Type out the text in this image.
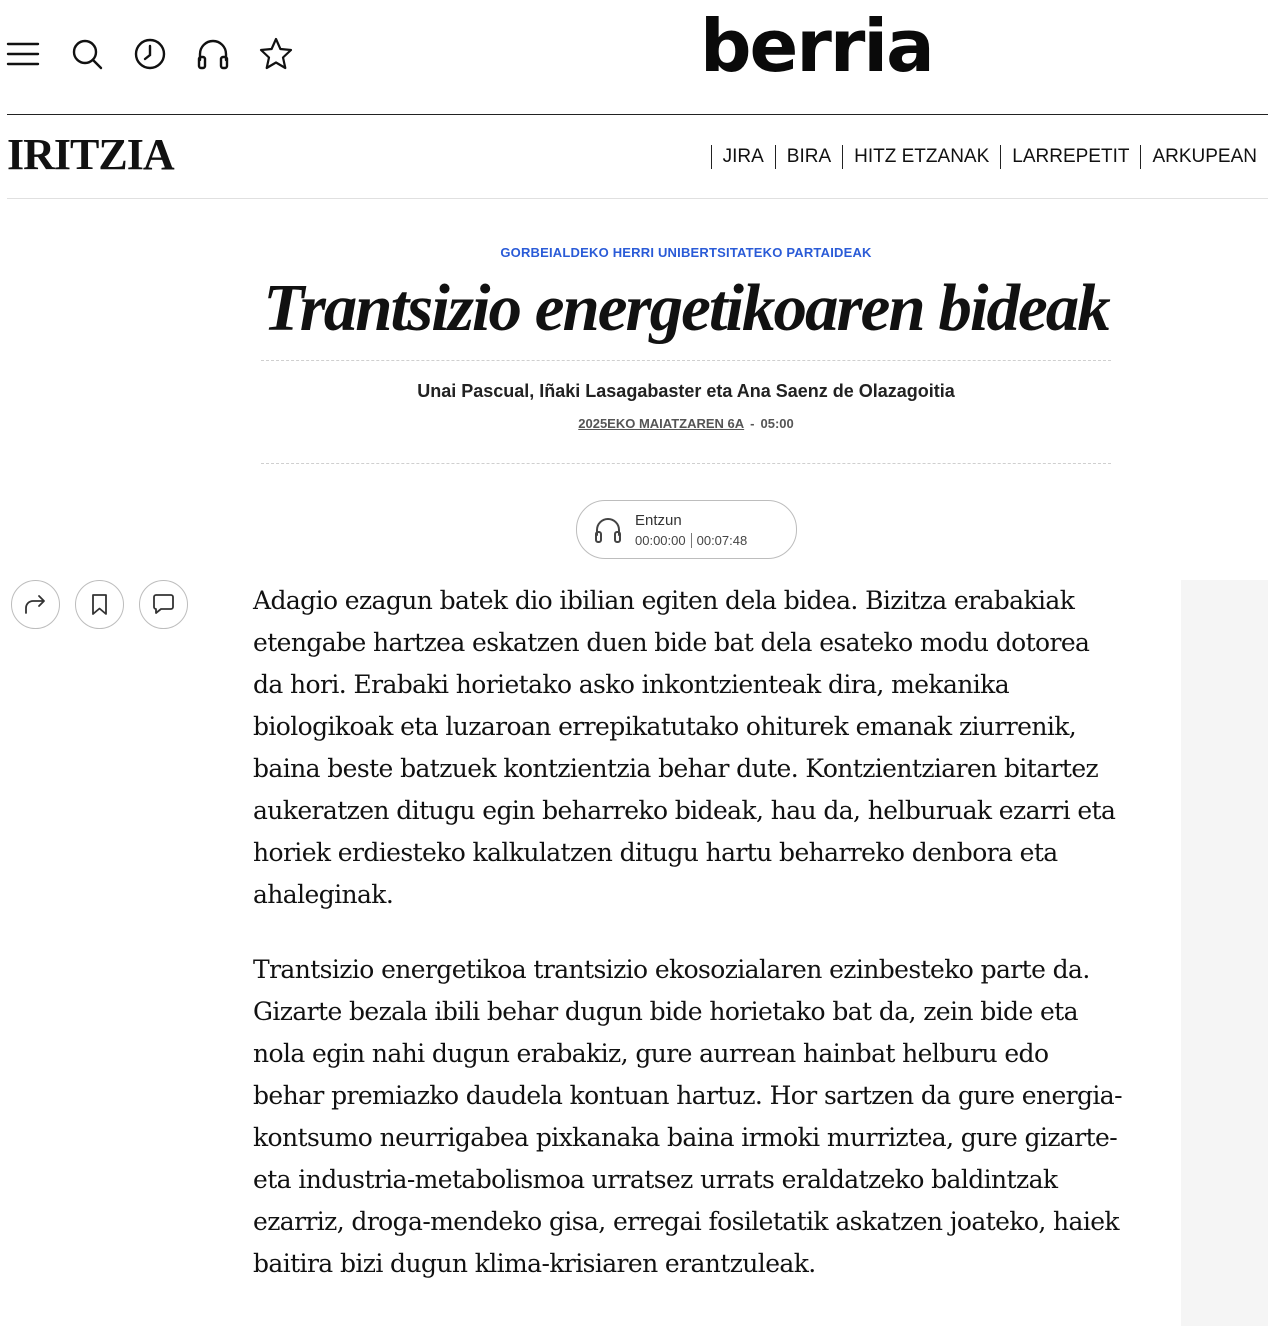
berria
IRITZIA	JIRA	BIRA	HITZ ETZANAK	LARREPETIT	ARKUPEAN
GORBEIALDEKO HERRI UNIBERTSITATEKO PARTAIDEAK
Trantsizio energetikoaren bideak
Unai Pascual, Iñaki Lasagabaster eta Ana Saenz de Olazagoitia
2025EKO MAIATZAREN 6A - 05:00
Entzun
00:00:00 00:07:48

Adagio ezagun batek dio ibilian egiten dela bidea. Bizitza erabakiak etengabe hartzea eskatzen duen bide bat dela esateko modu dotorea da hori. Erabaki horietako asko inkontzienteak dira, mekanika biologikoak eta luzaroan errepikatutako ohiturek emanak ziurrenik, baina beste batzuek kontzientzia behar dute. Kontzientziaren bitartez aukeratzen ditugu egin beharreko bideak, hau da, helburuak ezarri eta horiek erdiesteko kalkulatzen ditugu hartu beharreko denbora eta ahaleginak.

Trantsizio energetikoa trantsizio ekosozialaren ezinbesteko parte da. Gizarte bezala ibili behar dugun bide horietako bat da, zein bide eta nola egin nahi dugun erabakiz, gure aurrean hainbat helburu edo behar premiazko daudela kontuan hartuz. Hor sartzen da gure energia-kontsumo neurrigabea pixkanaka baina irmoki murriztea, gure gizarte- eta industria-metabolismoa urratsez urrats eraldatzeko baldintzak ezarriz, droga-mendeko gisa, erregai fosiletatik askatzen joateko, haiek baitira bizi dugun klima-krisiaren erantzuleak.
